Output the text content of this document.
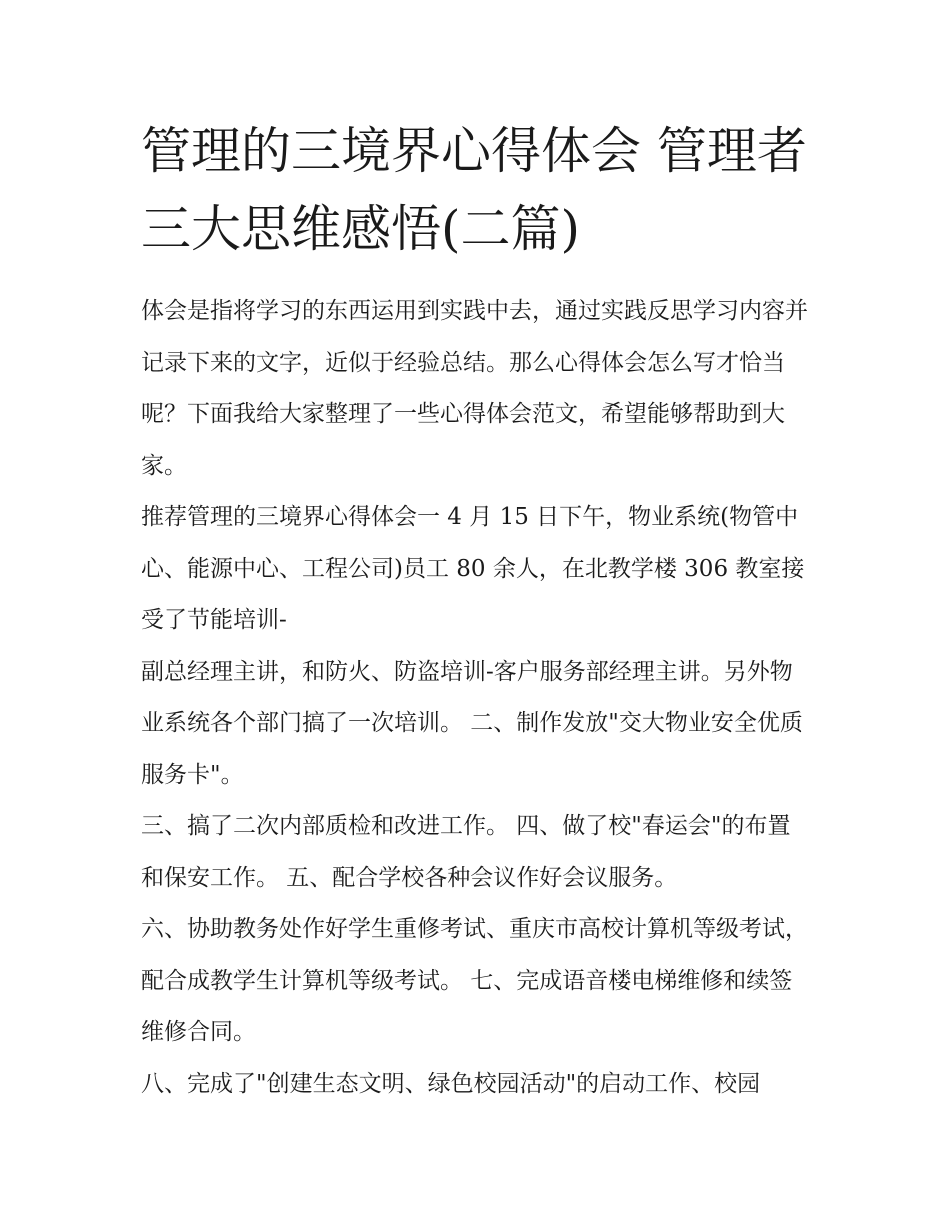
管理的三境界心得体会 管理者三大思维感悟(二篇)

体会是指将学习的东西运用到实践中去，通过实践反思学习内容并记录下来的文字，近似于经验总结。那么心得体会怎么写才恰当呢？下面我给大家整理了一些心得体会范文，希望能够帮助到大家。

推荐管理的三境界心得体会一 4 月 15 日下午，物业系统(物管中心、能源中心、工程公司)员工 80 余人，在北教学楼 306 教室接受了节能培训-

副总经理主讲，和防火、防盗培训-客户服务部经理主讲。另外物业系统各个部门搞了一次培训。 二、制作发放"交大物业安全优质服务卡"。

三、搞了二次内部质检和改进工作。 四、做了校"春运会"的布置和保安工作。 五、配合学校各种会议作好会议服务。

六、协助教务处作好学生重修考试、重庆市高校计算机等级考试，配合成教学生计算机等级考试。 七、完成语音楼电梯维修和续签维修合同。

八、完成了"创建生态文明、绿色校园活动"的启动工作、校园
